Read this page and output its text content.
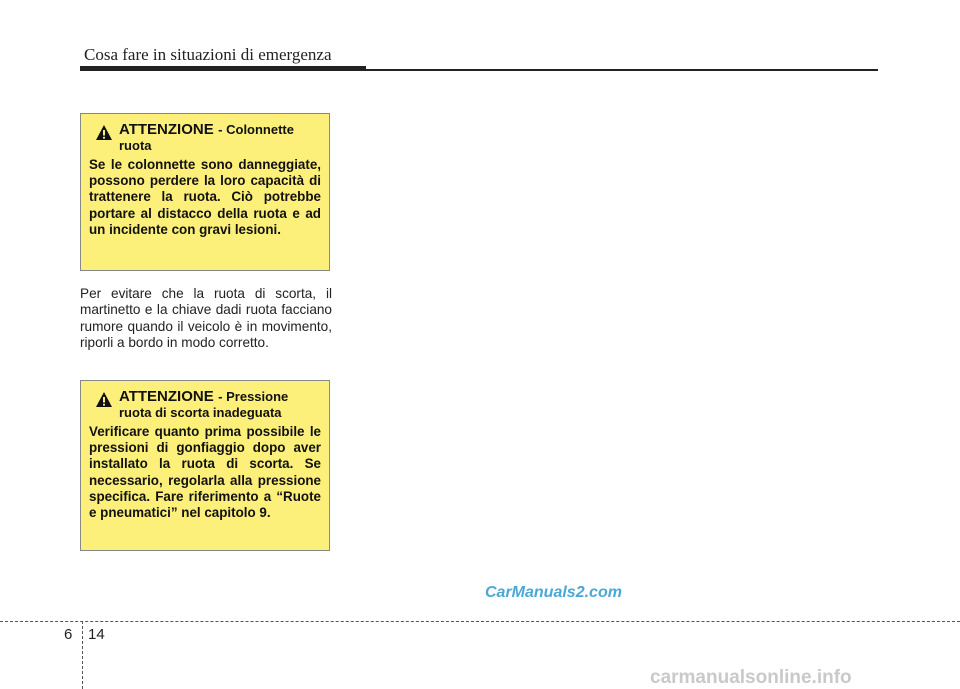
Cosa fare in situazioni di emergenza
ATTENZIONE - Colonnette ruota
Se le colonnette sono danneggiate, possono perdere la loro capacità di trattenere la ruota. Ciò potrebbe portare al distacco della ruota e ad un incidente con gravi lesioni.
Per evitare che la ruota di scorta, il martinetto e la chiave dadi ruota facciano rumore quando il veicolo è in movimento, riporli a bordo in modo corretto.
ATTENZIONE - Pressione ruota di scorta inadeguata
Verificare quanto prima possibile le pressioni di gonfiaggio dopo aver installato la ruota di scorta. Se necessario, regolarla alla pressione specifica. Fare riferimento a “Ruote e pneumatici” nel capitolo 9.
CarManuals2.com
6 14
carmanualsonline.info
